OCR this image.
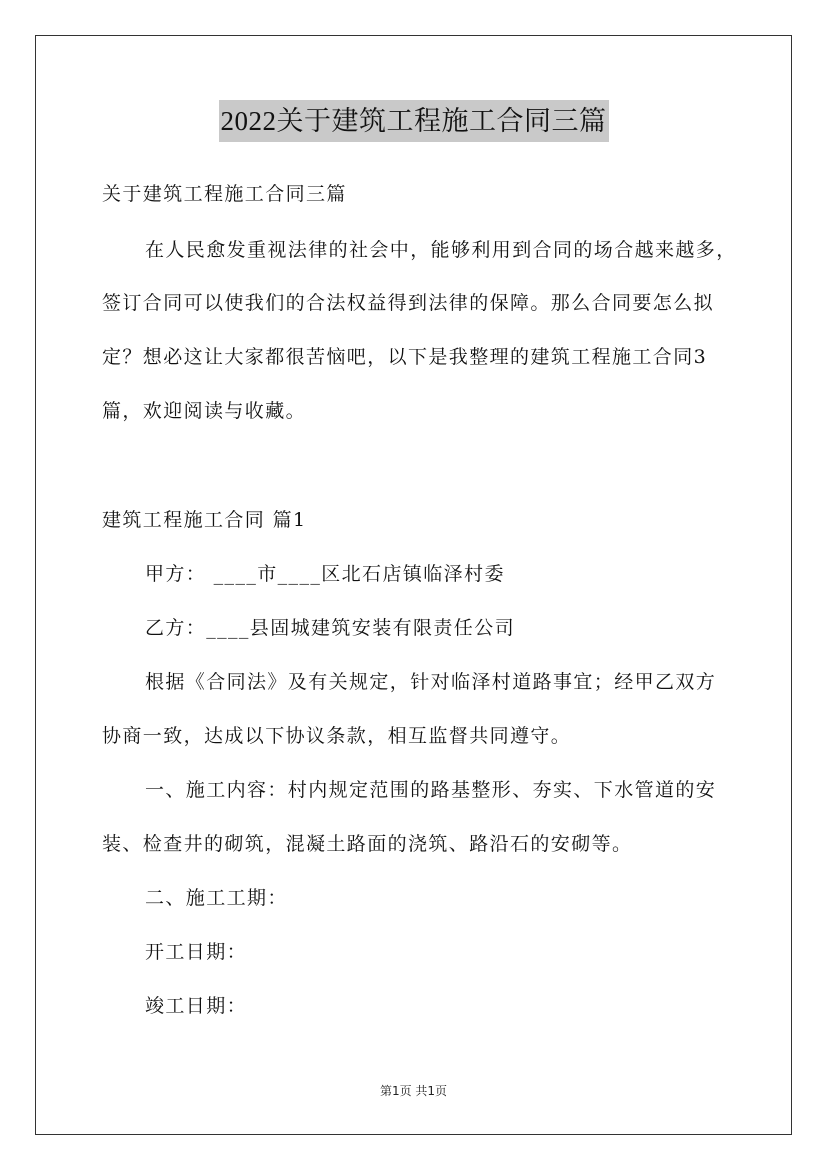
2022关于建筑工程施工合同三篇
关于建筑工程施工合同三篇
在人民愈发重视法律的社会中，能够利用到合同的场合越来越多，
签订合同可以使我们的合法权益得到法律的保障。那么合同要怎么拟
定？想必这让大家都很苦恼吧，以下是我整理的建筑工程施工合同3
篇，欢迎阅读与收藏。
建筑工程施工合同 篇1
甲方： ____市____区北石店镇临泽村委
乙方：____县固城建筑安装有限责任公司
根据《合同法》及有关规定，针对临泽村道路事宜；经甲乙双方
协商一致，达成以下协议条款，相互监督共同遵守。
一、施工内容：村内规定范围的路基整形、夯实、下水管道的安
装、检查井的砌筑，混凝土路面的浇筑、路沿石的安砌等。
二、施工工期：
开工日期：
竣工日期：
第1页 共1页
